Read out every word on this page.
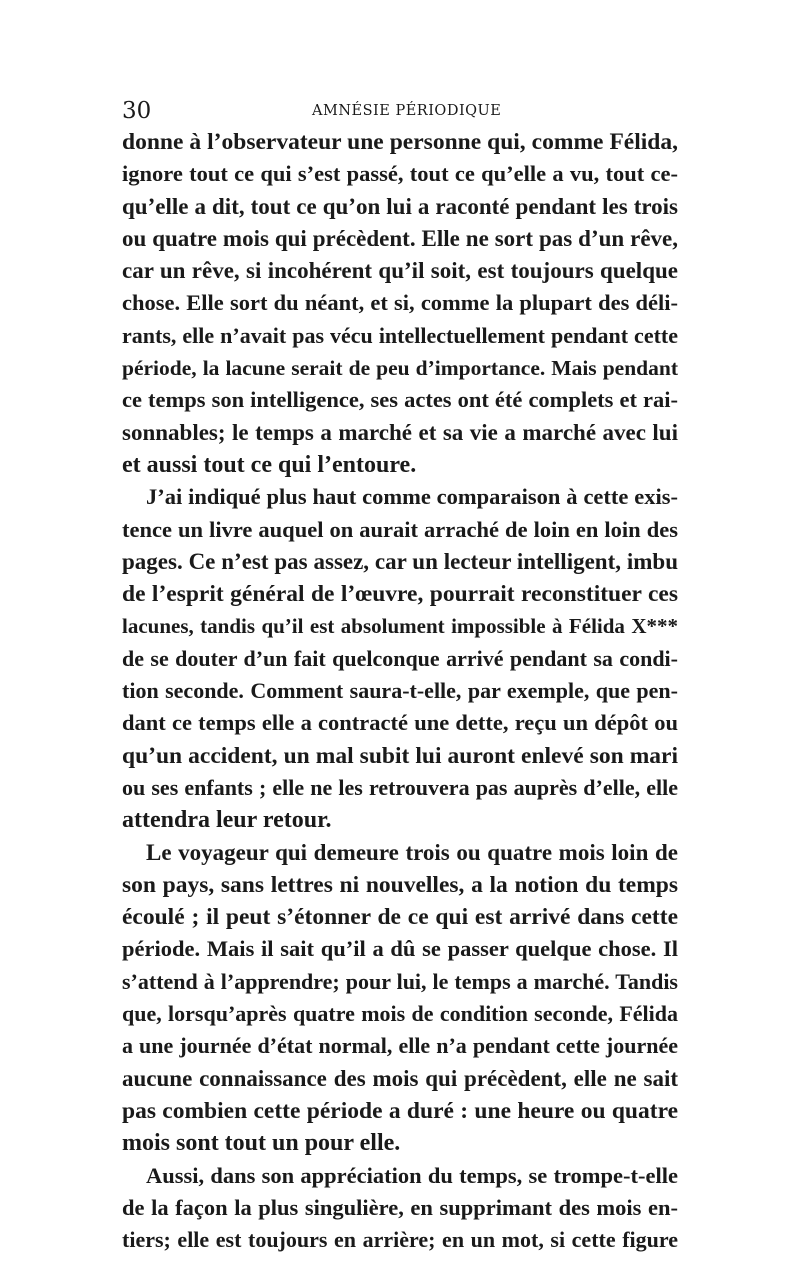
30	AMNÉSIE PÉRIODIQUE
donne à l’observateur une personne qui, comme Félida,
ignore tout ce qui s’est passé, tout ce qu’elle a vu, tout ce-
qu’elle a dit, tout ce qu’on lui a raconté pendant les trois
ou quatre mois qui précèdent. Elle ne sort pas d’un rêve,
car un rêve, si incohérent qu’il soit, est toujours quelque
chose. Elle sort du néant, et si, comme la plupart des déli-
rants, elle n’avait pas vécu intellectuellement pendant cette
période, la lacune serait de peu d’importance. Mais pendant
ce temps son intelligence, ses actes ont été complets et rai-
sonnables; le temps a marché et sa vie a marché avec lui
et aussi tout ce qui l’entoure.
J’ai indiqué plus haut comme comparaison à cette exis-
tence un livre auquel on aurait arraché de loin en loin des
pages. Ce n’est pas assez, car un lecteur intelligent, imbu
de l’esprit général de l’œuvre, pourrait reconstituer ces
lacunes, tandis qu’il est absolument impossible à Félida X***
de se douter d’un fait quelconque arrivé pendant sa condi-
tion seconde. Comment saura-t-elle, par exemple, que pen-
dant ce temps elle a contracté une dette, reçu un dépôt ou
qu’un accident, un mal subit lui auront enlevé son mari
ou ses enfants ; elle ne les retrouvera pas auprès d’elle, elle
attendra leur retour.
Le voyageur qui demeure trois ou quatre mois loin de
son pays, sans lettres ni nouvelles, a la notion du temps
écoulé ; il peut s’étonner de ce qui est arrivé dans cette
période. Mais il sait qu’il a dû se passer quelque chose. Il
s’attend à l’apprendre; pour lui, le temps a marché. Tandis
que, lorsqu’après quatre mois de condition seconde, Félida
a une journée d’état normal, elle n’a pendant cette journée
aucune connaissance des mois qui précèdent, elle ne sait
pas combien cette période a duré : une heure ou quatre
mois sont tout un pour elle.
Aussi, dans son appréciation du temps, se trompe-t-elle
de la façon la plus singulière, en supprimant des mois en-
tiers; elle est toujours en arrière; en un mot, si cette figure
